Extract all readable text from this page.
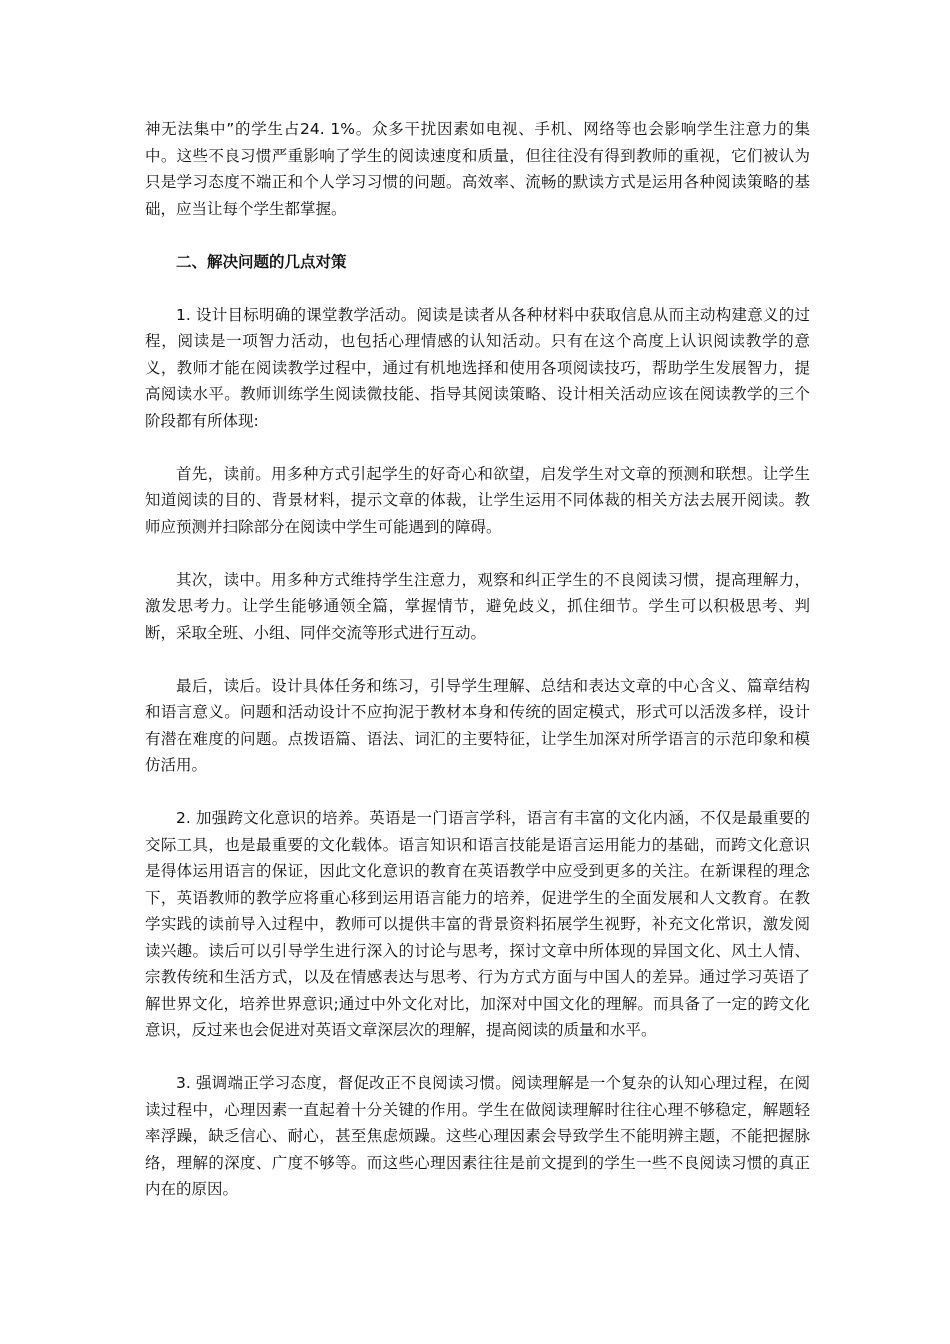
神无法集中”的学生占24. 1%。众多干扰因素如电视、手机、网络等也会影响学生注意力的集中。这些不良习惯严重影响了学生的阅读速度和质量，但往往没有得到教师的重视，它们被认为只是学习态度不端正和个人学习习惯的问题。高效率、流畅的默读方式是运用各种阅读策略的基础，应当让每个学生都掌握。

二、解决问题的几点对策

1. 设计目标明确的课堂教学活动。阅读是读者从各种材料中获取信息从而主动构建意义的过程，阅读是一项智力活动，也包括心理情感的认知活动。只有在这个高度上认识阅读教学的意义，教师才能在阅读教学过程中，通过有机地选择和使用各项阅读技巧，帮助学生发展智力，提高阅读水平。教师训练学生阅读微技能、指导其阅读策略、设计相关活动应该在阅读教学的三个阶段都有所体现:

首先，读前。用多种方式引起学生的好奇心和欲望，启发学生对文章的预测和联想。让学生知道阅读的目的、背景材料，提示文章的体裁，让学生运用不同体裁的相关方法去展开阅读。教师应预测并扫除部分在阅读中学生可能遇到的障碍。

其次，读中。用多种方式维持学生注意力，观察和纠正学生的不良阅读习惯，提高理解力，激发思考力。让学生能够通领全篇，掌握情节，避免歧义，抓住细节。学生可以积极思考、判断，采取全班、小组、同伴交流等形式进行互动。

最后，读后。设计具体任务和练习，引导学生理解、总结和表达文章的中心含义、篇章结构和语言意义。问题和活动设计不应拘泥于教材本身和传统的固定模式，形式可以活泼多样，设计有潜在难度的问题。点拨语篇、语法、词汇的主要特征，让学生加深对所学语言的示范印象和模仿活用。

2. 加强跨文化意识的培养。英语是一门语言学科，语言有丰富的文化内涵，不仅是最重要的交际工具，也是最重要的文化载体。语言知识和语言技能是语言运用能力的基础，而跨文化意识是得体运用语言的保证，因此文化意识的教育在英语教学中应受到更多的关注。在新课程的理念下，英语教师的教学应将重心移到运用语言能力的培养，促进学生的全面发展和人文教育。在教学实践的读前导入过程中，教师可以提供丰富的背景资料拓展学生视野，补充文化常识，激发阅读兴趣。读后可以引导学生进行深入的讨论与思考，探讨文章中所体现的异国文化、风土人情、宗教传统和生活方式，以及在情感表达与思考、行为方式方面与中国人的差异。通过学习英语了解世界文化，培养世界意识;通过中外文化对比，加深对中国文化的理解。而具备了一定的跨文化意识，反过来也会促进对英语文章深层次的理解，提高阅读的质量和水平。

3. 强调端正学习态度，督促改正不良阅读习惯。阅读理解是一个复杂的认知心理过程，在阅读过程中，心理因素一直起着十分关键的作用。学生在做阅读理解时往往心理不够稳定，解题轻率浮躁，缺乏信心、耐心，甚至焦虑烦躁。这些心理因素会导致学生不能明辨主题，不能把握脉络，理解的深度、广度不够等。而这些心理因素往往是前文提到的学生一些不良阅读习惯的真正内在的原因。
